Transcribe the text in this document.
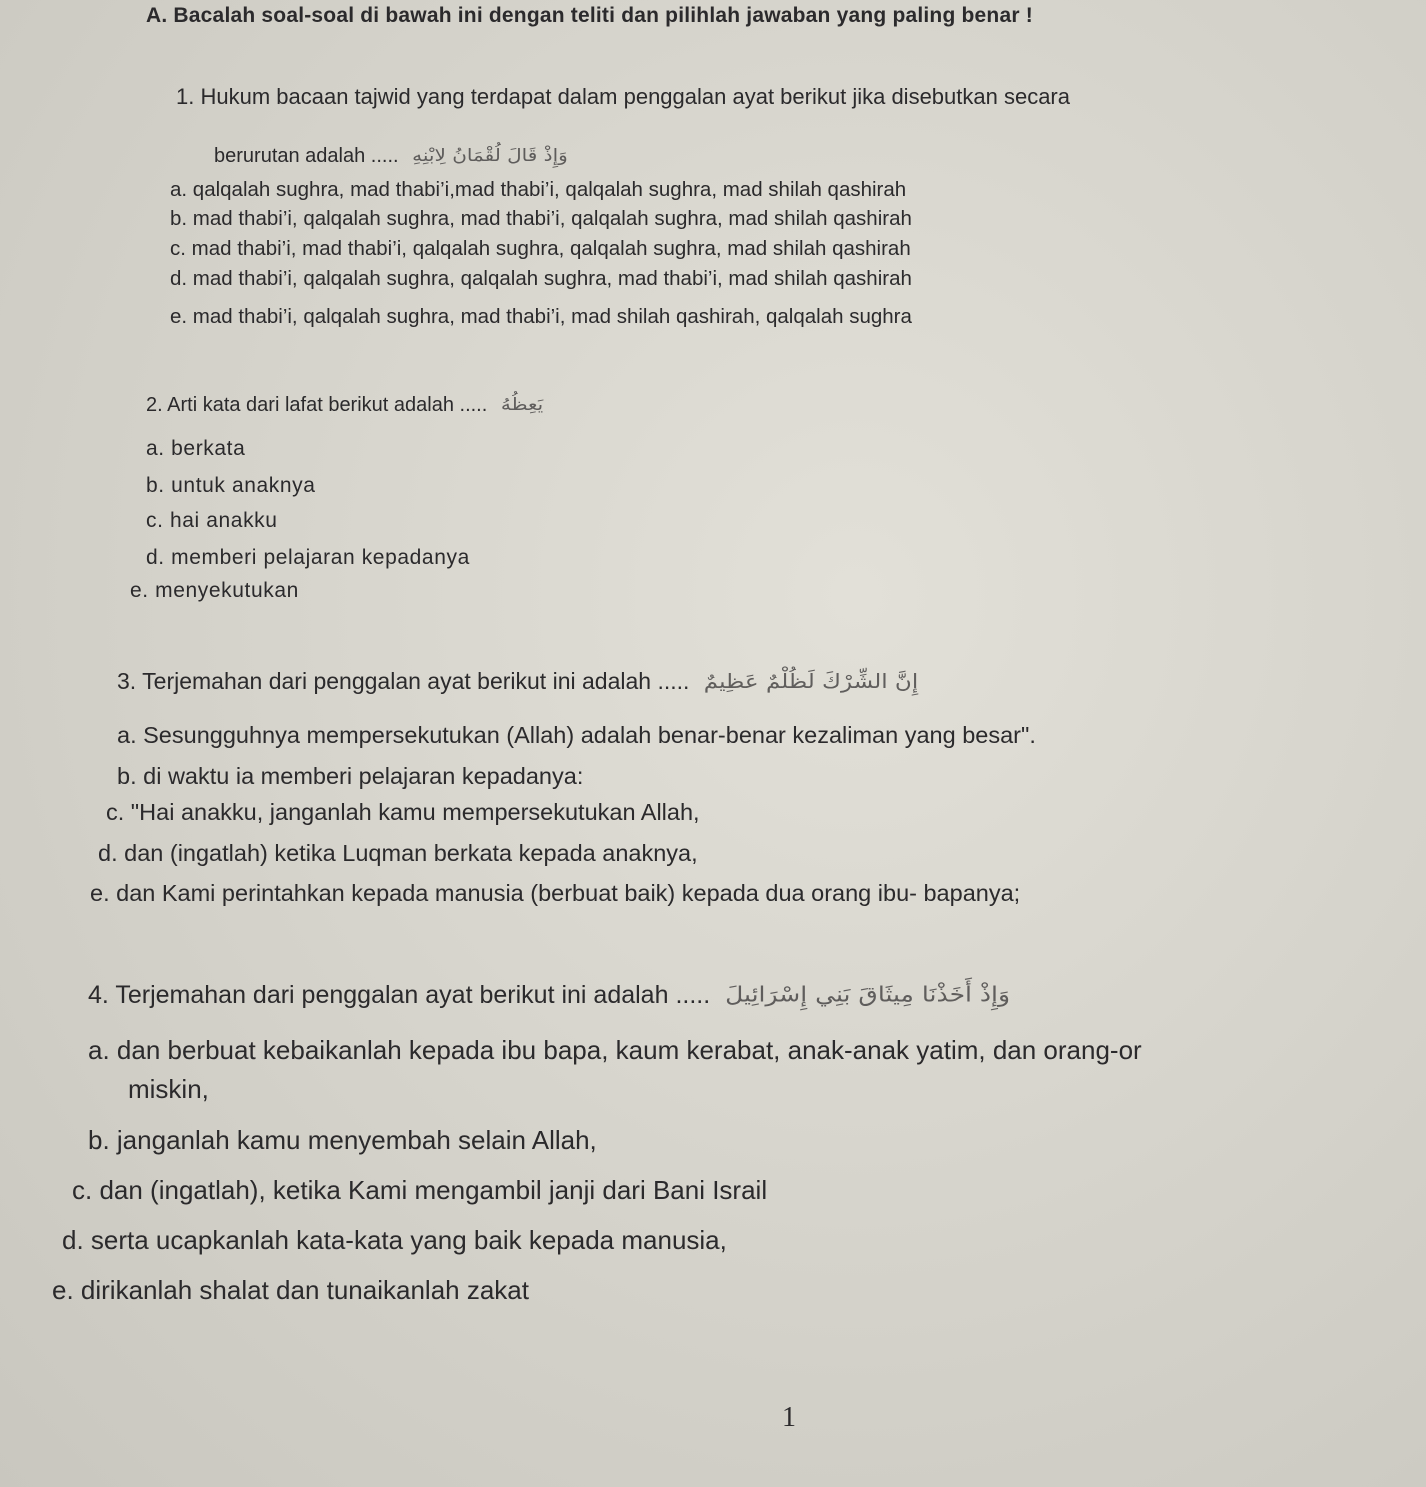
A. Bacalah soal-soal di bawah ini dengan teliti dan pilihlah jawaban yang paling benar !
1. Hukum bacaan tajwid yang terdapat dalam penggalan ayat berikut jika disebutkan secara
berurutan adalah ..... وَإِذْ قَالَ لُقْمَانُ لِابْنِهِ
a. qalqalah sughra, mad thabi’i,mad thabi’i, qalqalah sughra, mad shilah qashirah
b. mad thabi’i, qalqalah sughra, mad thabi’i, qalqalah sughra, mad shilah qashirah
c. mad thabi’i, mad thabi’i, qalqalah sughra, qalqalah sughra, mad shilah qashirah
d. mad thabi’i, qalqalah sughra, qalqalah sughra, mad thabi’i, mad shilah qashirah
e. mad thabi’i, qalqalah sughra, mad thabi’i, mad shilah qashirah, qalqalah sughra
2. Arti kata dari lafat berikut adalah ..... يَعِظُهُ
a. berkata
b. untuk anaknya
c. hai anakku
d. memberi pelajaran kepadanya
e. menyekutukan
3. Terjemahan dari penggalan ayat berikut ini adalah ..... إِنَّ الشِّرْكَ لَظُلْمٌ عَظِيمٌ
a. Sesungguhnya mempersekutukan (Allah) adalah benar-benar kezaliman yang besar".
b. di waktu ia memberi pelajaran kepadanya:
c. "Hai anakku, janganlah kamu mempersekutukan Allah,
d. dan (ingatlah) ketika Luqman berkata kepada anaknya,
e. dan Kami perintahkan kepada manusia (berbuat baik) kepada dua orang ibu- bapanya;
4. Terjemahan dari penggalan ayat berikut ini adalah ..... وَإِذْ أَخَذْنَا مِيثَاقَ بَنِي إِسْرَائِيلَ
a. dan berbuat kebaikanlah kepada ibu bapa, kaum kerabat, anak-anak yatim, dan orang-or
miskin,
b. janganlah kamu menyembah selain Allah,
c. dan (ingatlah), ketika Kami mengambil janji dari Bani Israil
d. serta ucapkanlah kata-kata yang baik kepada manusia,
e. dirikanlah shalat dan tunaikanlah zakat
1
